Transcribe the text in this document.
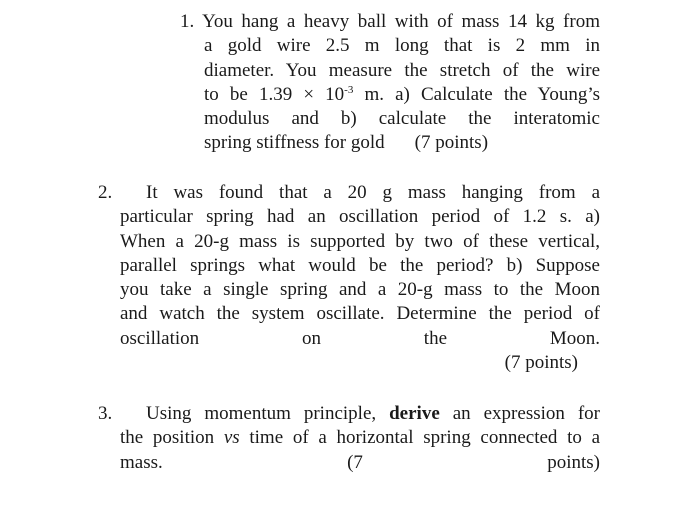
1. You hang a heavy ball with of mass 14 kg from
a gold wire 2.5 m long that is 2 mm in
diameter. You measure the stretch of the wire
to be $1.39 \times 10^{-3}$ m. a) Calculate the Young’s
modulus and b) calculate the interatomic
spring stiffness for gold (7 points)
2.	It was found that a 20 g mass hanging from a
particular spring had an oscillation period of 1.2 s. a)
When a 20-g mass is supported by two of these vertical,
parallel springs what would be the period? b) Suppose
you take a single spring and a 20-g mass to the Moon
and watch the system oscillate. Determine the period of
oscillation on the Moon.
(7 points)
3.	Using momentum principle, derive an expression for
the position vs time of a horizontal spring connected to a
mass.	(7 points)
